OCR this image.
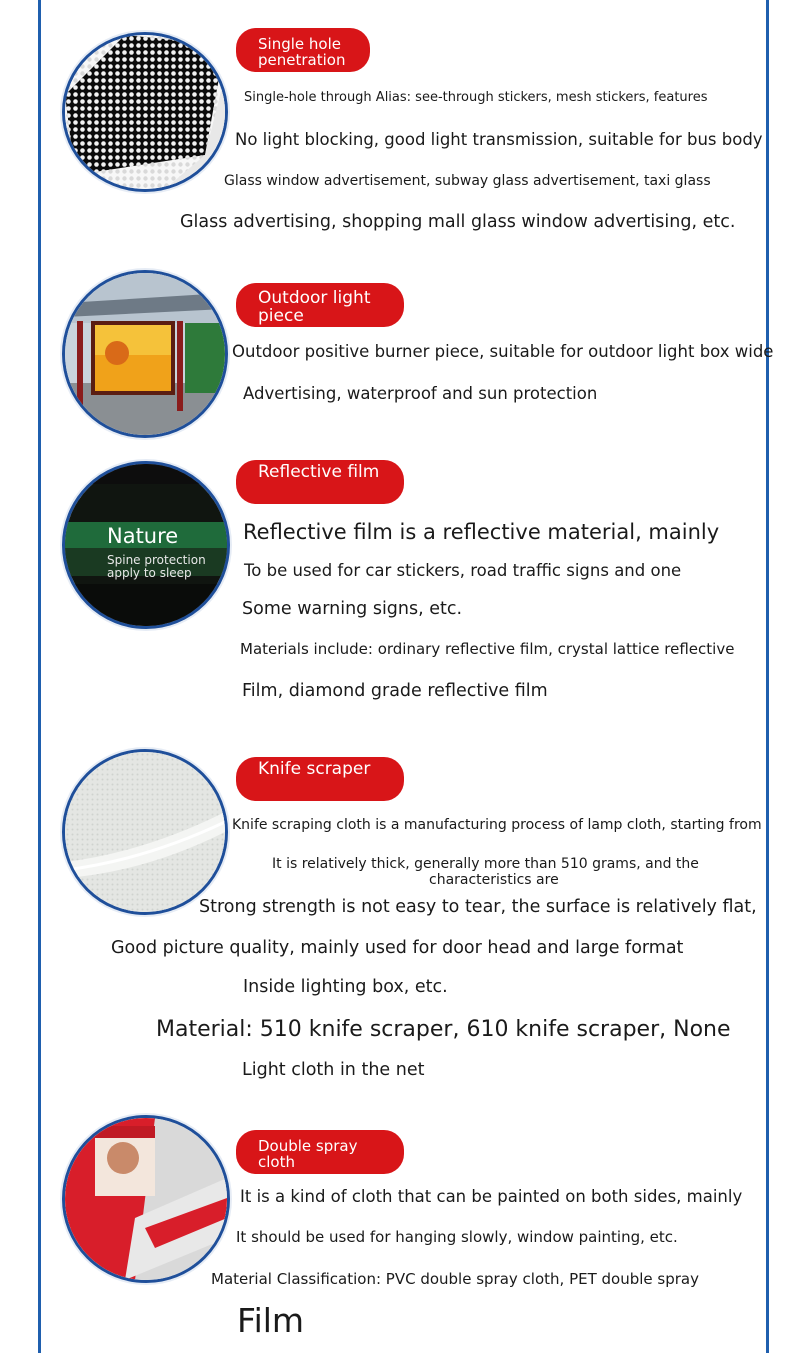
Single hole penetration
Single-hole through Alias: see-through stickers, mesh stickers, features
No light blocking, good light transmission, suitable for bus body
Glass window advertisement, subway glass advertisement, taxi glass
Glass advertising, shopping mall glass window advertising, etc.
Outdoor light piece
Outdoor positive burner piece, suitable for outdoor light box wide
Advertising, waterproof and sun protection
Nature
Spine protection
apply to sleep
Reflective film
Reflective film is a reflective material, mainly
To be used for car stickers, road traffic signs and one
Some warning signs, etc.
Materials include: ordinary reflective film, crystal lattice reflective
Film, diamond grade reflective film
Knife scraper
Knife scraping cloth is a manufacturing process of lamp cloth, starting from
It is relatively thick, generally more than 510 grams, and the
characteristics are
Strong strength is not easy to tear, the surface is relatively flat,
Good picture quality, mainly used for door head and large format
Inside lighting box, etc.
Material: 510 knife scraper, 610 knife scraper, None
Light cloth in the net
Double spray cloth
It is a kind of cloth that can be painted on both sides, mainly
It should be used for hanging slowly, window painting, etc.
Material Classification: PVC double spray cloth, PET double spray
Film
